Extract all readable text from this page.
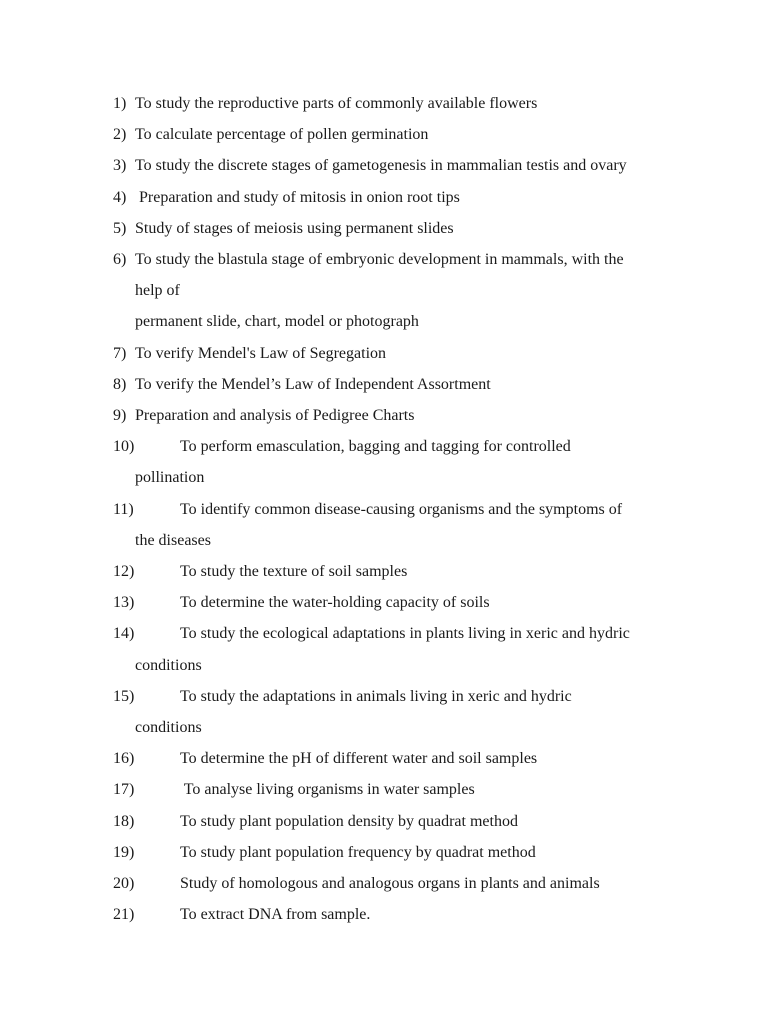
1) To study the reproductive parts of commonly available flowers
2) To calculate percentage of pollen germination
3) To study the discrete stages of gametogenesis in mammalian testis and ovary
4) Preparation and study of mitosis in onion root tips
5) Study of stages of meiosis using permanent slides
6) To study the blastula stage of embryonic development in mammals, with the
help of
permanent slide, chart, model or photograph
7) To verify Mendel's Law of Segregation
8) To verify the Mendel’s Law of Independent Assortment
9) Preparation and analysis of Pedigree Charts
10)	To perform emasculation, bagging and tagging for controlled
pollination
11)	To identify common disease-causing organisms and the symptoms of
the diseases
12)	To study the texture of soil samples
13)	To determine the water-holding capacity of soils
14)	To study the ecological adaptations in plants living in xeric and hydric
conditions
15)	To study the adaptations in animals living in xeric and hydric
conditions
16)	To determine the pH of different water and soil samples
17)	To analyse living organisms in water samples
18)	To study plant population density by quadrat method
19)	To study plant population frequency by quadrat method
20)	Study of homologous and analogous organs in plants and animals
21)	To extract DNA from sample.
